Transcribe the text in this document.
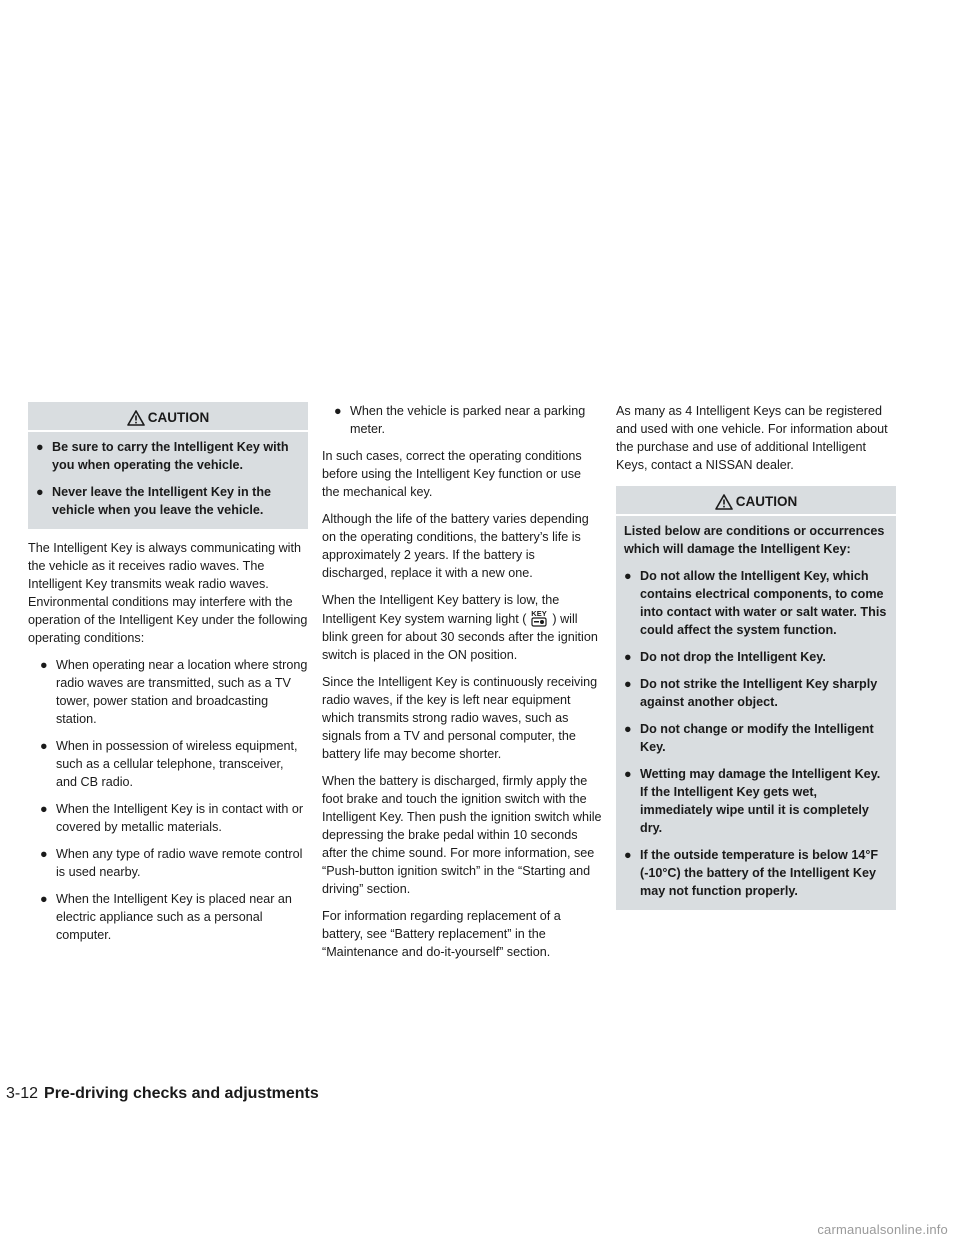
CAUTION
● Be sure to carry the Intelligent Key with you when operating the vehicle.
● Never leave the Intelligent Key in the vehicle when you leave the vehicle.

The Intelligent Key is always communicating with the vehicle as it receives radio waves. The Intelligent Key transmits weak radio waves. Environmental conditions may interfere with the operation of the Intelligent Key under the following operating conditions:

● When operating near a location where strong radio waves are transmitted, such as a TV tower, power station and broadcasting station.
● When in possession of wireless equipment, such as a cellular telephone, transceiver, and CB radio.
● When the Intelligent Key is in contact with or covered by metallic materials.
● When any type of radio wave remote control is used nearby.
● When the Intelligent Key is placed near an electric appliance such as a personal computer.
● When the vehicle is parked near a parking meter.

In such cases, correct the operating conditions before using the Intelligent Key function or use the mechanical key.

Although the life of the battery varies depending on the operating conditions, the battery’s life is approximately 2 years. If the battery is discharged, replace it with a new one.

When the Intelligent Key battery is low, the Intelligent Key system warning light ( KEY ) will blink green for about 30 seconds after the ignition switch is placed in the ON position.

Since the Intelligent Key is continuously receiving radio waves, if the key is left near equipment which transmits strong radio waves, such as signals from a TV and personal computer, the battery life may become shorter.

When the battery is discharged, firmly apply the foot brake and touch the ignition switch with the Intelligent Key. Then push the ignition switch while depressing the brake pedal within 10 seconds after the chime sound. For more information, see “Push-button ignition switch” in the “Starting and driving” section.

For information regarding replacement of a battery, see “Battery replacement” in the “Maintenance and do-it-yourself” section.

As many as 4 Intelligent Keys can be registered and used with one vehicle. For information about the purchase and use of additional Intelligent Keys, contact a NISSAN dealer.

CAUTION

Listed below are conditions or occurrences which will damage the Intelligent Key:

● Do not allow the Intelligent Key, which contains electrical components, to come into contact with water or salt water. This could affect the system function.
● Do not drop the Intelligent Key.
● Do not strike the Intelligent Key sharply against another object.
● Do not change or modify the Intelligent Key.
● Wetting may damage the Intelligent Key. If the Intelligent Key gets wet, immediately wipe until it is completely dry.
● If the outside temperature is below 14°F (-10°C) the battery of the Intelligent Key may not function properly.
3-12 Pre-driving checks and adjustments
carmanualsonline.info
